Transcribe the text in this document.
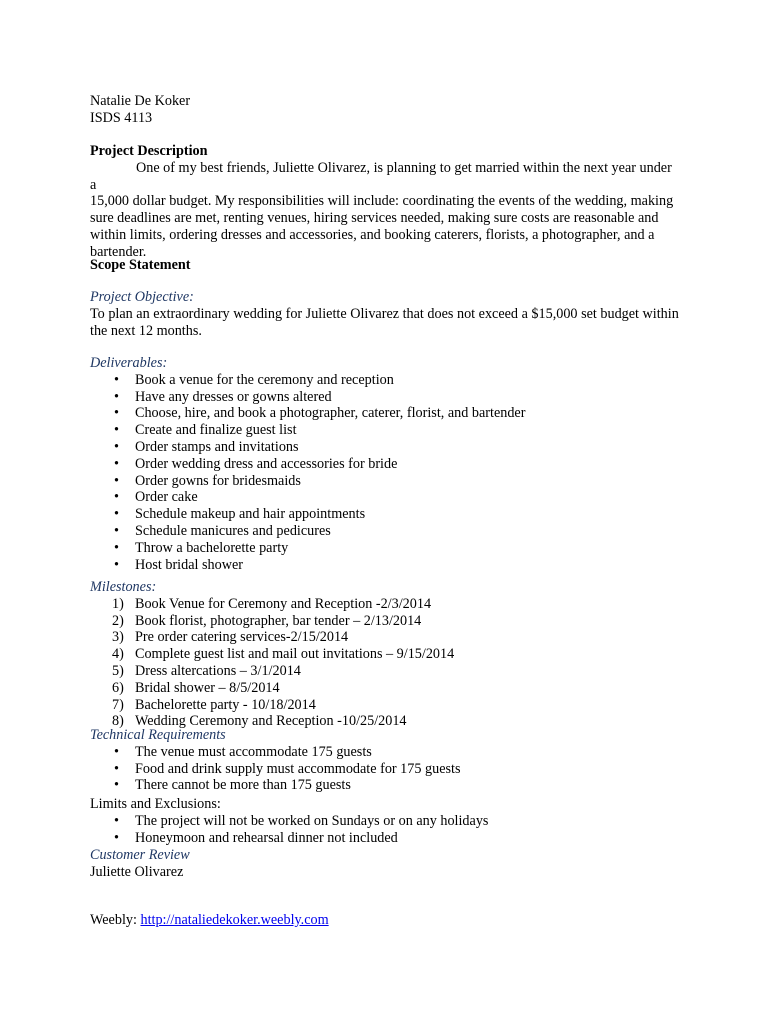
Natalie De Koker

ISDS 4113

Project Description

One of my best friends, Juliette Olivarez, is planning to get married within the next year under a

15,000 dollar budget. My responsibilities will include: coordinating the events of the wedding, making

sure deadlines are met, renting venues, hiring services needed, making sure costs are reasonable and

within limits, ordering dresses and accessories, and booking caterers, florists, a photographer, and a

bartender.

Scope Statement

Project Objective:

To plan an extraordinary wedding for Juliette Olivarez that does not exceed a $15,000 set budget within

the next 12 months.

Deliverables:

• Book a venue for the ceremony and reception
• Have any dresses or gowns altered
• Choose, hire, and book a photographer, caterer, florist, and bartender
• Create and finalize guest list
• Order stamps and invitations
• Order wedding dress and accessories for bride
• Order gowns for bridesmaids
• Order cake
• Schedule makeup and hair appointments
• Schedule manicures and pedicures
• Throw a bachelorette party
• Host bridal shower

Milestones:

1) Book Venue for Ceremony and Reception -2/3/2014
2) Book florist, photographer, bar tender – 2/13/2014
3) Pre order catering services-2/15/2014
4) Complete guest list and mail out invitations – 9/15/2014
5) Dress altercations – 3/1/2014
6) Bridal shower – 8/5/2014
7) Bachelorette party - 10/18/2014
8) Wedding Ceremony and Reception -10/25/2014

Technical Requirements

• The venue must accommodate 175 guests
• Food and drink supply must accommodate for 175 guests
• There cannot be more than 175 guests

Limits and Exclusions:

• The project will not be worked on Sundays or on any holidays
• Honeymoon and rehearsal dinner not included

Customer Review

Juliette Olivarez

Weebly: http://nataliedekoker.weebly.com
